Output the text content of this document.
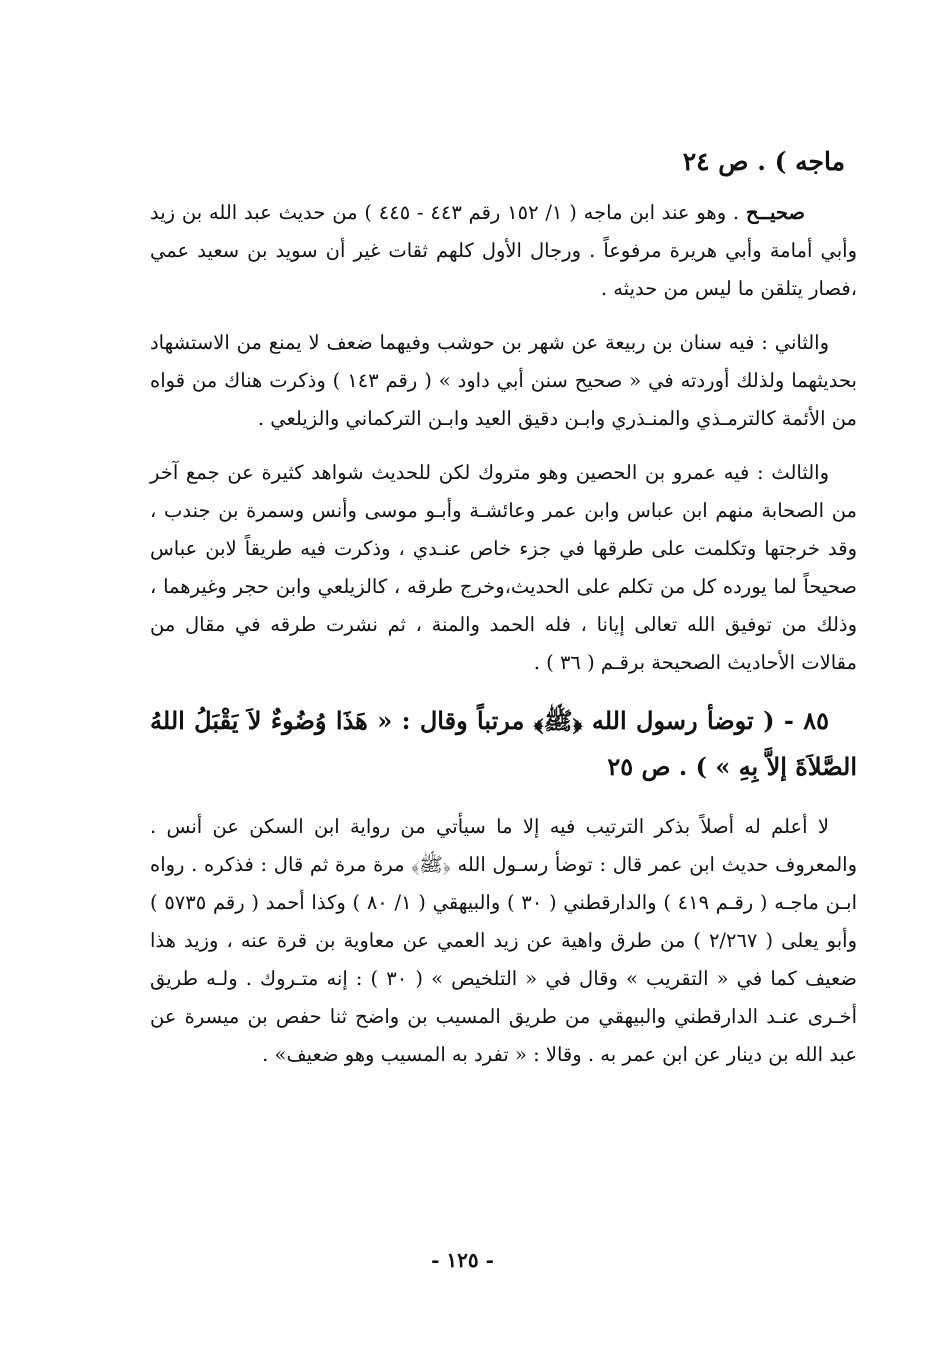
ماجه ) . ص ٢٤

صحيــح . وهو عند ابن ماجه ( ١/ ١٥٢ رقم ٤٤٣ - ٤٤٥ ) من حديث عبد الله بن زيد وأبي أمامة وأبي هريرة مرفوعاً . ورجال الأول كلهم ثقات غير أن سويد بن سعيد عمي ،فصار يتلقن ما ليس من حديثه .

والثاني : فيه سنان بن ربيعة عن شهر بن حوشب وفيهما ضعف لا يمنع من الاستشهاد بحديثهما ولذلك أوردته في « صحيح سنن أبي داود » ( رقم ١٤٣ ) وذكرت هناك من قواه من الأئمة كالترمـذي والمنـذري وابـن دقيق العيد وابـن التركماني والزيلعي .

والثالث : فيه عمرو بن الحصين وهو متروك لكن للحديث شواهد كثيرة عن جمع آخر من الصحابة منهم ابن عباس وابن عمر وعائشـة وأبـو موسى وأنس وسمرة بن جندب ، وقد خرجتها وتكلمت على طرقها في جزء خاص عنـدي ، وذكرت فيه طريقاً لابن عباس صحيحاً لما يورده كل من تكلم على الحديث،وخرج طرقه ، كالزيلعي وابن حجر وغيرهما ، وذلك من توفيق الله تعالى إيانا ، فله الحمد والمنة ، ثم نشرت طرقه في مقال من مقالات الأحاديث الصحيحة برقـم ( ٣٦ ) .

٨٥ - ( توضأ رسول الله ﴿ﷺ﴾ مرتباً وقال : « هَذَا وُضُوءٌ لاَ يَقْبَلُ اللهُ الصَّلاَةَ إلاَّ بِهِ » ) . ص ٢٥

لا أعلم له أصلاً بذكر الترتيب فيه إلا ما سيأتي من رواية ابن السكن عن أنس . والمعروف حديث ابن عمر قال : توضأ رسـول الله ﴿ﷺ﴾ مرة مرة ثم قال : فذكره . رواه ابـن ماجـه ( رقـم ٤١٩ ) والدارقطني ( ٣٠ ) والبيهقي ( ١/ ٨٠ ) وكذا أحمد ( رقم ٥٧٣٥ ) وأبو يعلى ( ٢/٢٦٧ ) من طرق واهية عن زيد العمي عن معاوية بن قرة عنه ، وزيد هذا ضعيف كما في « التقريب » وقال في « التلخيص » ( ٣٠ ) : إنه متـروك . ولـه طريق أخـرى عنـد الدارقطني والبيهقي من طريق المسيب بن واضح ثنا حفص بن ميسرة عن عبد الله بن دينار عن ابن عمر به . وقالا : « تفرد به المسيب وهو ضعيف» .

- ١٢٥ -
